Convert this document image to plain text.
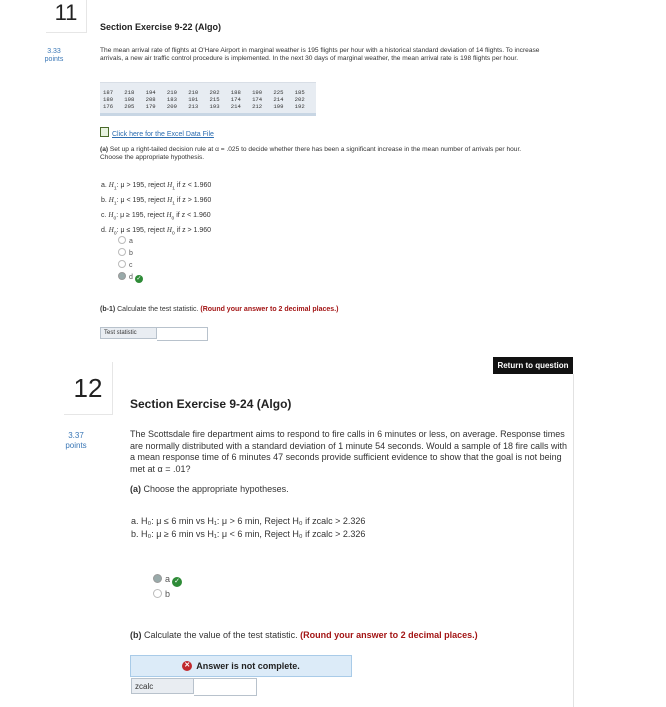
11
3.33
points
Section Exercise 9-22 (Algo)
The mean arrival rate of flights at O'Hare Airport in marginal weather is 195 flights per hour with a historical standard deviation of 14 flights. To increase arrivals, a new air traffic control procedure is implemented. In the next 30 days of marginal weather, the mean arrival rate is 198 flights per hour.
187	218	194	210	210	202	188	190	225	185
180	198	208	183	191	215	174	174	214	202
176	205	179	209	213	193	214	212	199	192
Click here for the Excel Data File
(a) Set up a right-tailed decision rule at α = .025 to decide whether there has been a significant increase in the mean number of arrivals per hour. Choose the appropriate hypothesis.
a. $H_1$: μ > 195, reject $H_1$ if z < 1.960
b. $H_1$: μ < 195, reject $H_1$ if z > 1.960
c. $H_0$: μ ≥ 195, reject $H_0$ if z < 1.960
d. $H_0$: μ ≤ 195, reject $H_0$ if z > 1.960
a
b
c
d ✓
(b-1) Calculate the test statistic. (Round your answer to 2 decimal places.)
Test statistic
Return to question
12
3.37
points
Section Exercise 9-24 (Algo)
The Scottsdale fire department aims to respond to fire calls in 6 minutes or less, on average. Response times are normally distributed with a standard deviation of 1 minute 54 seconds. Would a sample of 18 fire calls with a mean response time of 6 minutes 47 seconds provide sufficient evidence to show that the goal is not being met at α = .01?
(a) Choose the appropriate hypotheses.
a. H₀: μ ≤ 6 min vs H₁: μ > 6 min, Reject H₀ if zcalc > 2.326
b. H₀: μ ≥ 6 min vs H₁: μ < 6 min, Reject H₀ if zcalc > 2.326
a ✓
b
(b) Calculate the value of the test statistic. (Round your answer to 2 decimal places.)
✕ Answer is not complete.
zcalc
